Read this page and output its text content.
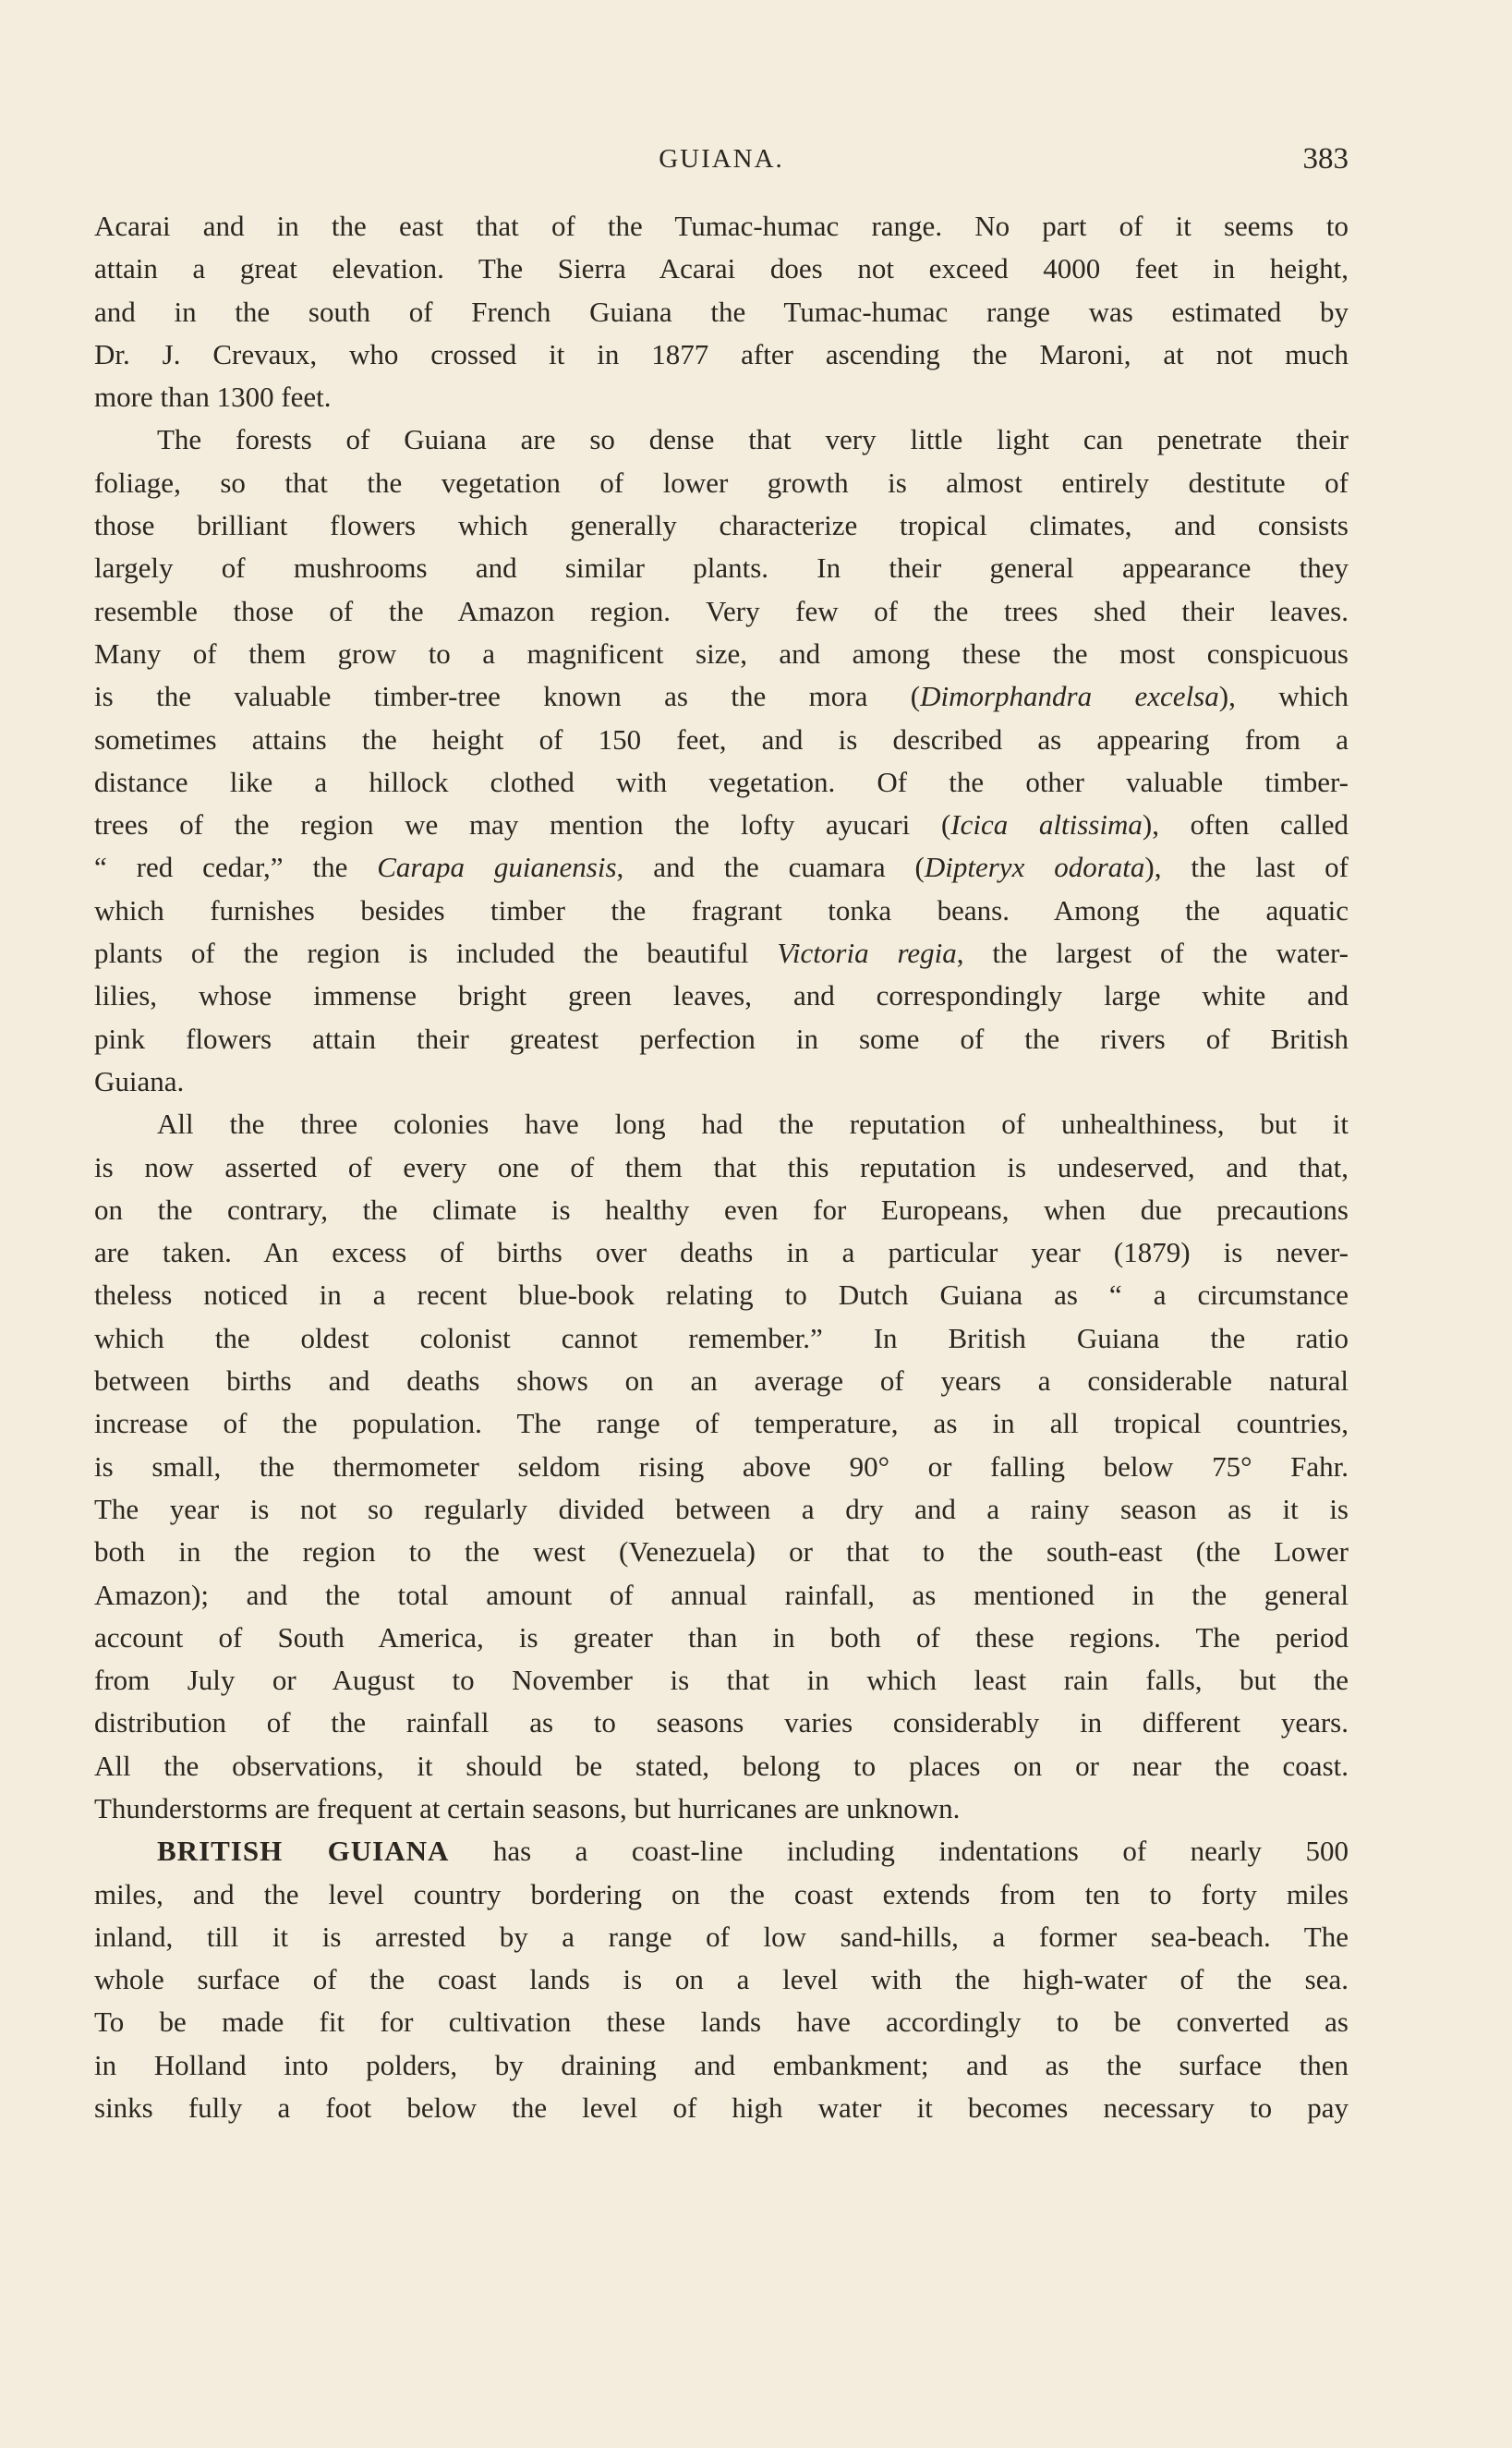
GUIANA.	383
Acarai and in the east that of the Tumac-humac range. No part of it seems to
attain a great elevation. The Sierra Acarai does not exceed 4000 feet in height,
and in the south of French Guiana the Tumac-humac range was estimated by
Dr. J. Crevaux, who crossed it in 1877 after ascending the Maroni, at not much
more than 1300 feet.
The forests of Guiana are so dense that very little light can penetrate their
foliage, so that the vegetation of lower growth is almost entirely destitute of
those brilliant flowers which generally characterize tropical climates, and consists
largely of mushrooms and similar plants. In their general appearance they
resemble those of the Amazon region. Very few of the trees shed their leaves.
Many of them grow to a magnificent size, and among these the most conspicuous
is the valuable timber-tree known as the mora (Dimorphandra excelsa), which
sometimes attains the height of 150 feet, and is described as appearing from a
distance like a hillock clothed with vegetation. Of the other valuable timber-
trees of the region we may mention the lofty ayucari (Icica altissima), often called
“ red cedar,” the Carapa guianensis, and the cuamara (Dipteryx odorata), the last of
which furnishes besides timber the fragrant tonka beans. Among the aquatic
plants of the region is included the beautiful Victoria regia, the largest of the water-
lilies, whose immense bright green leaves, and correspondingly large white and
pink flowers attain their greatest perfection in some of the rivers of British
Guiana.
All the three colonies have long had the reputation of unhealthiness, but it
is now asserted of every one of them that this reputation is undeserved, and that,
on the contrary, the climate is healthy even for Europeans, when due precautions
are taken. An excess of births over deaths in a particular year (1879) is never-
theless noticed in a recent blue-book relating to Dutch Guiana as “ a circumstance
which the oldest colonist cannot remember.” In British Guiana the ratio
between births and deaths shows on an average of years a considerable natural
increase of the population. The range of temperature, as in all tropical countries,
is small, the thermometer seldom rising above 90° or falling below 75° Fahr.
The year is not so regularly divided between a dry and a rainy season as it is
both in the region to the west (Venezuela) or that to the south-east (the Lower
Amazon); and the total amount of annual rainfall, as mentioned in the general
account of South America, is greater than in both of these regions. The period
from July or August to November is that in which least rain falls, but the
distribution of the rainfall as to seasons varies considerably in different years.
All the observations, it should be stated, belong to places on or near the coast.
Thunderstorms are frequent at certain seasons, but hurricanes are unknown.
BRITISH GUIANA has a coast-line including indentations of nearly 500
miles, and the level country bordering on the coast extends from ten to forty miles
inland, till it is arrested by a range of low sand-hills, a former sea-beach. The
whole surface of the coast lands is on a level with the high-water of the sea.
To be made fit for cultivation these lands have accordingly to be converted as
in Holland into polders, by draining and embankment; and as the surface then
sinks fully a foot below the level of high water it becomes necessary to pay
